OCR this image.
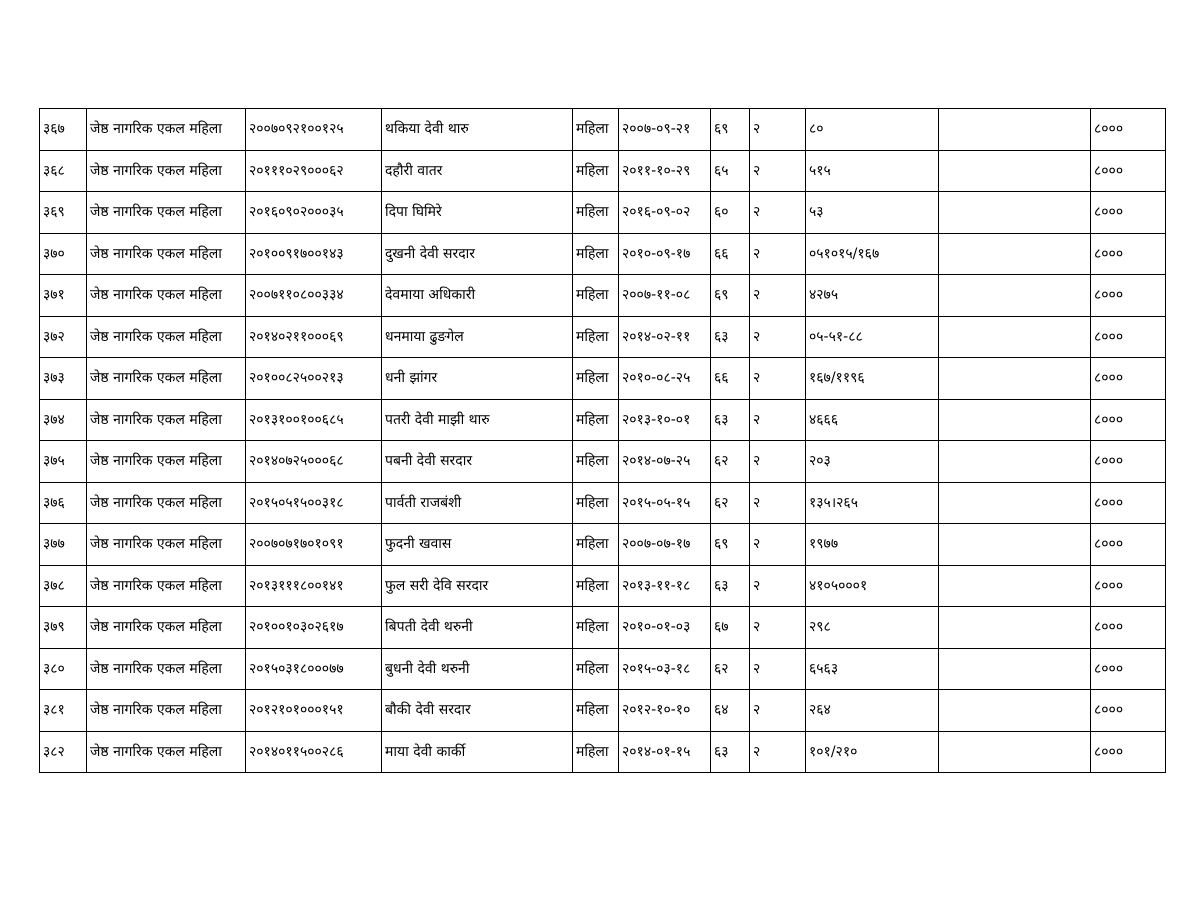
३६७	जेष्ठ नागरिक एकल महिला	२००७०९२१००१२५	थकिया देवी थारु	महिला	२००७-०९-२१	६९	२	८०		८०००
३६८	जेष्ठ नागरिक एकल महिला	२०१११०२९०००६२	दहौरी वातर	महिला	२०११-१०-२९	६५	२	५१५		८०००
३६९	जेष्ठ नागरिक एकल महिला	२०१६०९०२०००३५	दिपा घिमिरे	महिला	२०१६-०९-०२	६०	२	५३		८०००
३७०	जेष्ठ नागरिक एकल महिला	२०१००९१७००१४३	दुखनी देवी सरदार	महिला	२०१०-०९-१७	६६	२	०५१०१५/१६७		८०००
३७१	जेष्ठ नागरिक एकल महिला	२००७११०८००३३४	देवमाया अधिकारी	महिला	२००७-११-०८	६९	२	४२७५		८०००
३७२	जेष्ठ नागरिक एकल महिला	२०१४०२११०००६९	धनमाया ढुङगेल	महिला	२०१४-०२-११	६३	२	०५-५१-८८		८०००
३७३	जेष्ठ नागरिक एकल महिला	२०१००८२५००२१३	धनी झांगर	महिला	२०१०-०८-२५	६६	२	१६७/११९६		८०००
३७४	जेष्ठ नागरिक एकल महिला	२०१३१००१००६८५	पतरी देवी माझी थारु	महिला	२०१३-१०-०१	६३	२	४६६६		८०००
३७५	जेष्ठ नागरिक एकल महिला	२०१४०७२५०००६८	पबनी देवी सरदार	महिला	२०१४-०७-२५	६२	२	२०३		८०००
३७६	जेष्ठ नागरिक एकल महिला	२०१५०५१५००३१८	पार्वती राजबंशी	महिला	२०१५-०५-१५	६२	२	१३५।२६५		८०००
३७७	जेष्ठ नागरिक एकल महिला	२००७०७१७०१०९१	फुदनी खवास	महिला	२००७-०७-१७	६९	२	१९७७		८०००
३७८	जेष्ठ नागरिक एकल महिला	२०१३१११८००१४१	फुल सरी देवि सरदार	महिला	२०१३-११-१८	६३	२	४१०५०००१		८०००
३७९	जेष्ठ नागरिक एकल महिला	२०१००१०३०२६१७	बिपती देवी थरुनी	महिला	२०१०-०१-०३	६७	२	२९८		८०००
३८०	जेष्ठ नागरिक एकल महिला	२०१५०३१८०००७७	बुधनी देवी थरुनी	महिला	२०१५-०३-१८	६२	२	६५६३		८०००
३८१	जेष्ठ नागरिक एकल महिला	२०१२१०१०००१५१	बौकी देवी सरदार	महिला	२०१२-१०-१०	६४	२	२६४		८०००
३८२	जेष्ठ नागरिक एकल महिला	२०१४०११५००२८६	माया देवी कार्की	महिला	२०१४-०१-१५	६३	२	१०१/२१०		८०००
